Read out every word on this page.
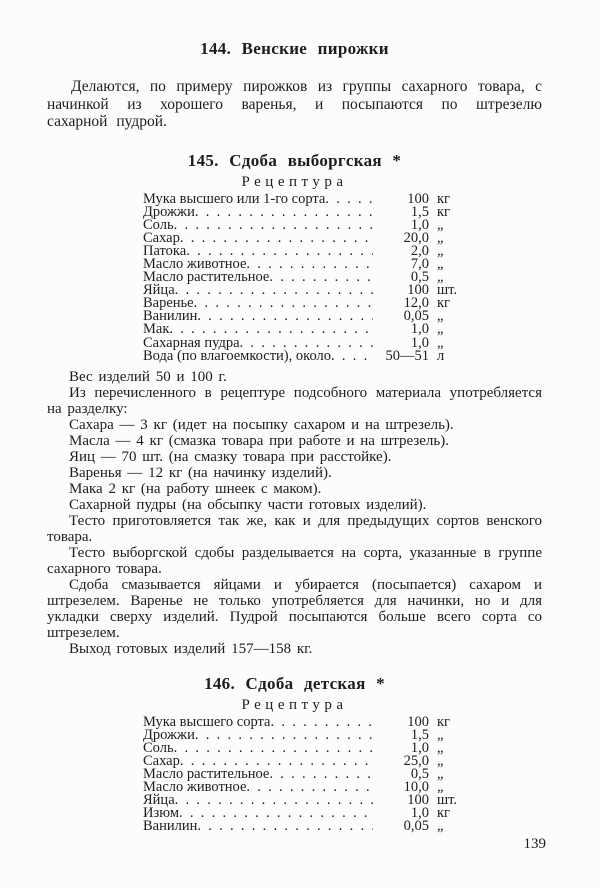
144. Венские пирожки

Делаются, по примеру пирожков из группы сахарного товара, с начинкой из хорошего варенья, и посыпаются по штрезелю сахарной пудрой.

145. Сдоба выборгская *
Рецептура
Мука высшего или 1-го сорта .  .	100 кг
Дрожжи .  .	1,5 кг
Соль .  .	1,0 „
Сахар .  .	20,0 „
Патока .  .	2,0 „
Масло животное .  .	7,0 „
Масло растительное .  .	0,5 „
Яйца .  .	100 шт.
Варенье .  .	12,0 кг
Ванилин .  .	0,05 „
Мак .  .	1,0 „
Сахарная пудра .  .	1,0 „
Вода (по влагоемкости), около .  .	50—51 л

Вес изделий 50 и 100 г.

Из перечисленного в рецептуре подсобного материала употребляется на разделку:

Сахара — 3 кг (идет на посыпку сахаром и на штрезель).

Масла — 4 кг (смазка товара при работе и на штрезель).

Яиц — 70 шт. (на смазку товара при расстойке).

Варенья — 12 кг (на начинку изделий).

Мака 2 кг (на работу шнеек с маком).

Сахарной пудры (на обсыпку части готовых изделий).

Тесто приготовляется так же, как и для предыдущих сортов венского товара.

Тесто выборгской сдобы разделывается на сорта, указанные в группе сахарного товара.

Сдоба смазывается яйцами и убирается (посыпается) сахаром и штрезелем. Варенье не только употребляется для начинки, но и для укладки сверху изделий. Пудрой посыпаются больше всего сорта со штрезелем.

Выход готовых изделий 157—158 кг.

146. Сдоба детская *
Рецептура
Мука высшего сорта .  .	100 кг
Дрожжи .  .	1,5 „
Соль .  .	1,0 „
Сахар .  .	25,0 „
Масло растительное .  .	0,5 „
Масло животное .  .	10,0 „
Яйца .  .	100 шт.
Изюм .  .	1,0 кг
Ванилин .  .	0,05 „
139
